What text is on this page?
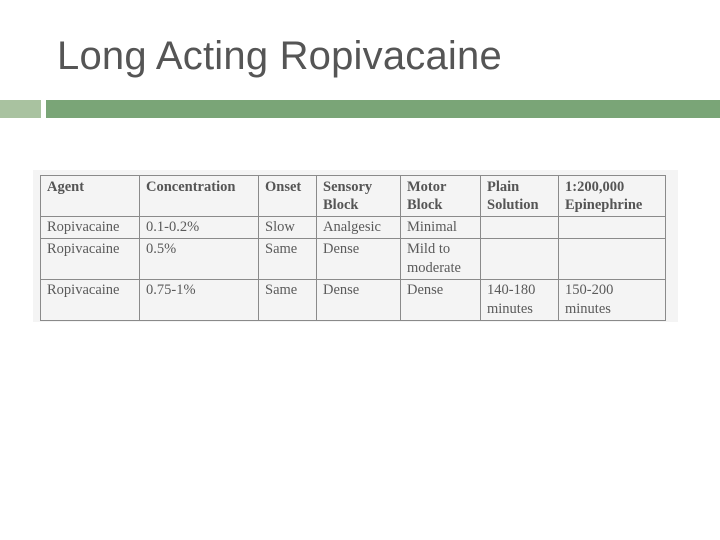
Long Acting Ropivacaine
Agent	Concentration	Onset	Sensory Block	Motor Block	Plain Solution	1:200,000 Epinephrine
Ropivacaine	0.1-0.2%	Slow	Analgesic	Minimal		
Ropivacaine	0.5%	Same	Dense	Mild to moderate		
Ropivacaine	0.75-1%	Same	Dense	Dense	140-180 minutes	150-200 minutes
